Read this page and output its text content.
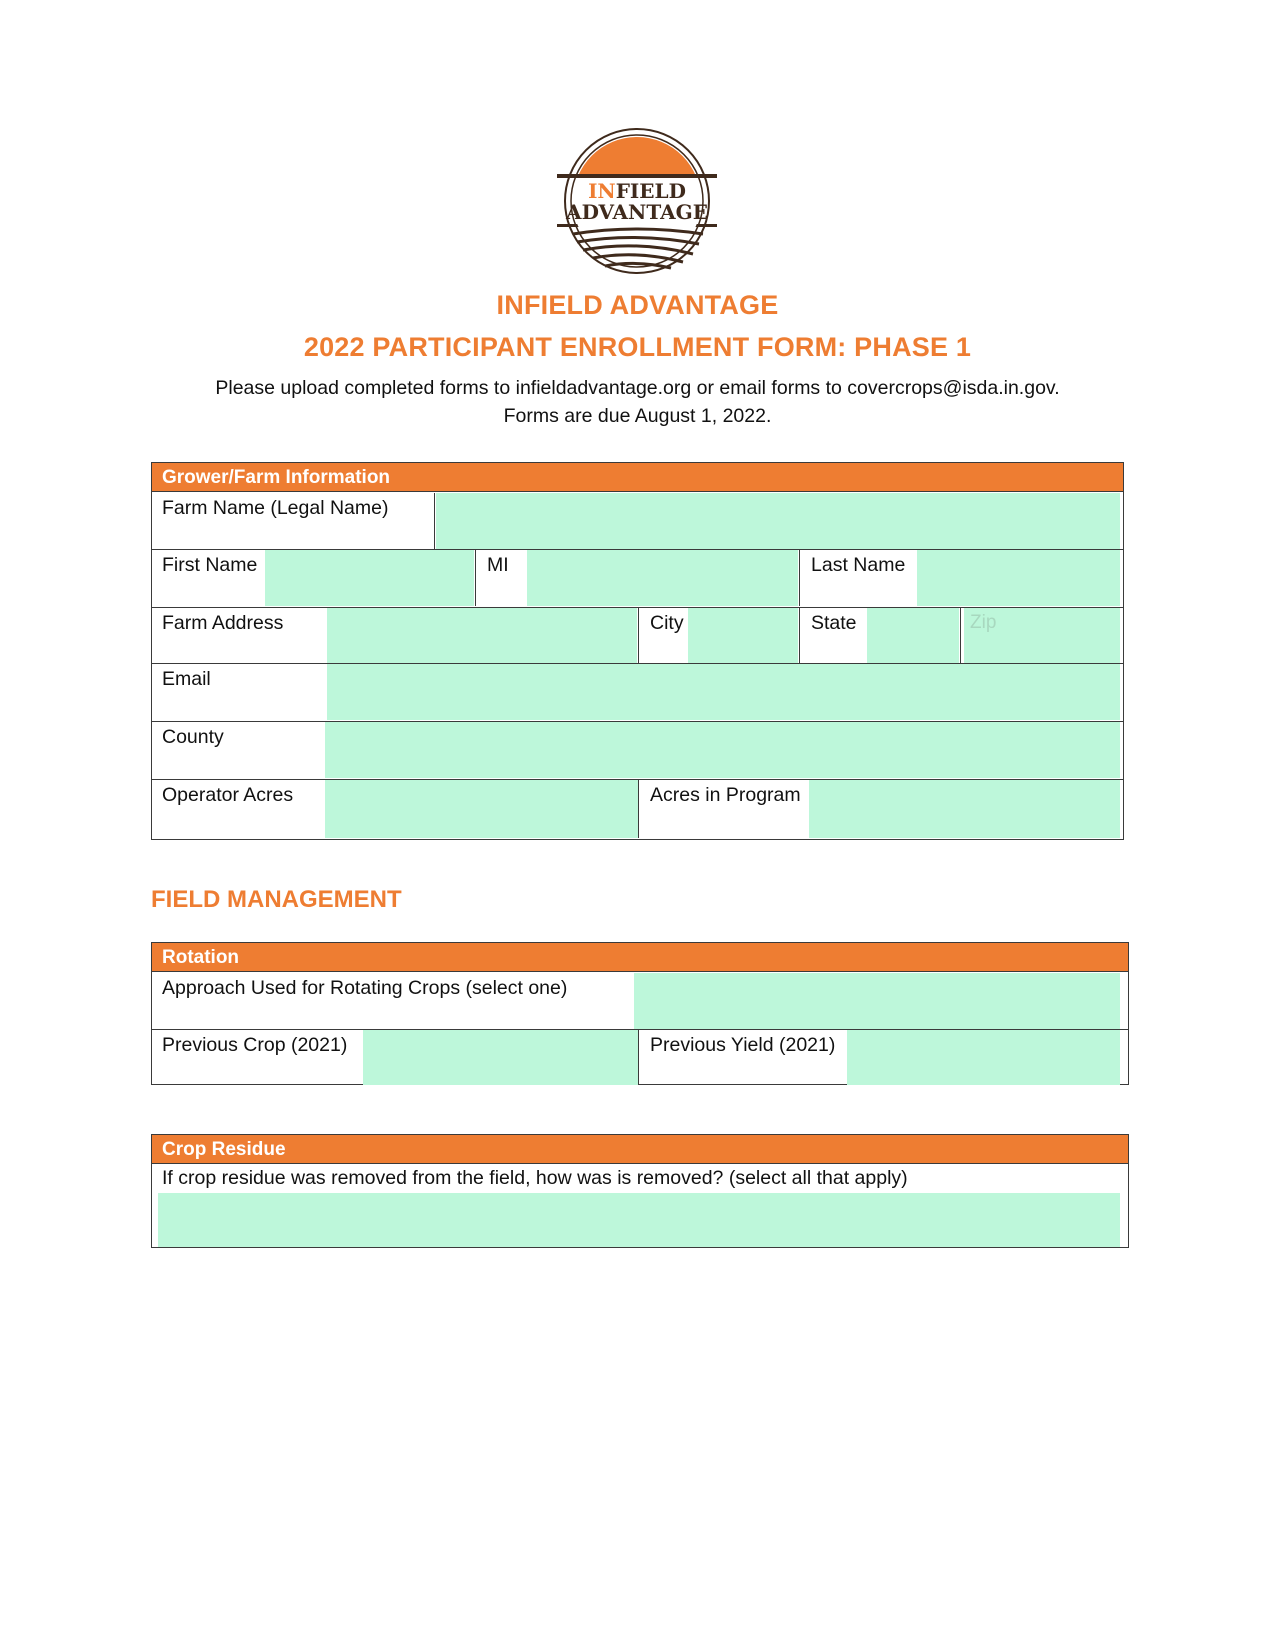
INFIELD
ADVANTAGE
INFIELD ADVANTAGE
2022 PARTICIPANT ENROLLMENT FORM: PHASE 1
Please upload completed forms to infieldadvantage.org or email forms to covercrops@isda.in.gov.
Forms are due August 1, 2022.
Grower/Farm Information
Farm Name (Legal Name)
First Name	MI	Last Name
Farm Address	City	State	Zip
Email
County
Operator Acres	Acres in Program
FIELD MANAGEMENT
Rotation
Approach Used for Rotating Crops (select one)
Previous Crop (2021)	Previous Yield (2021)
Crop Residue
If crop residue was removed from the field, how was is removed? (select all that apply)
